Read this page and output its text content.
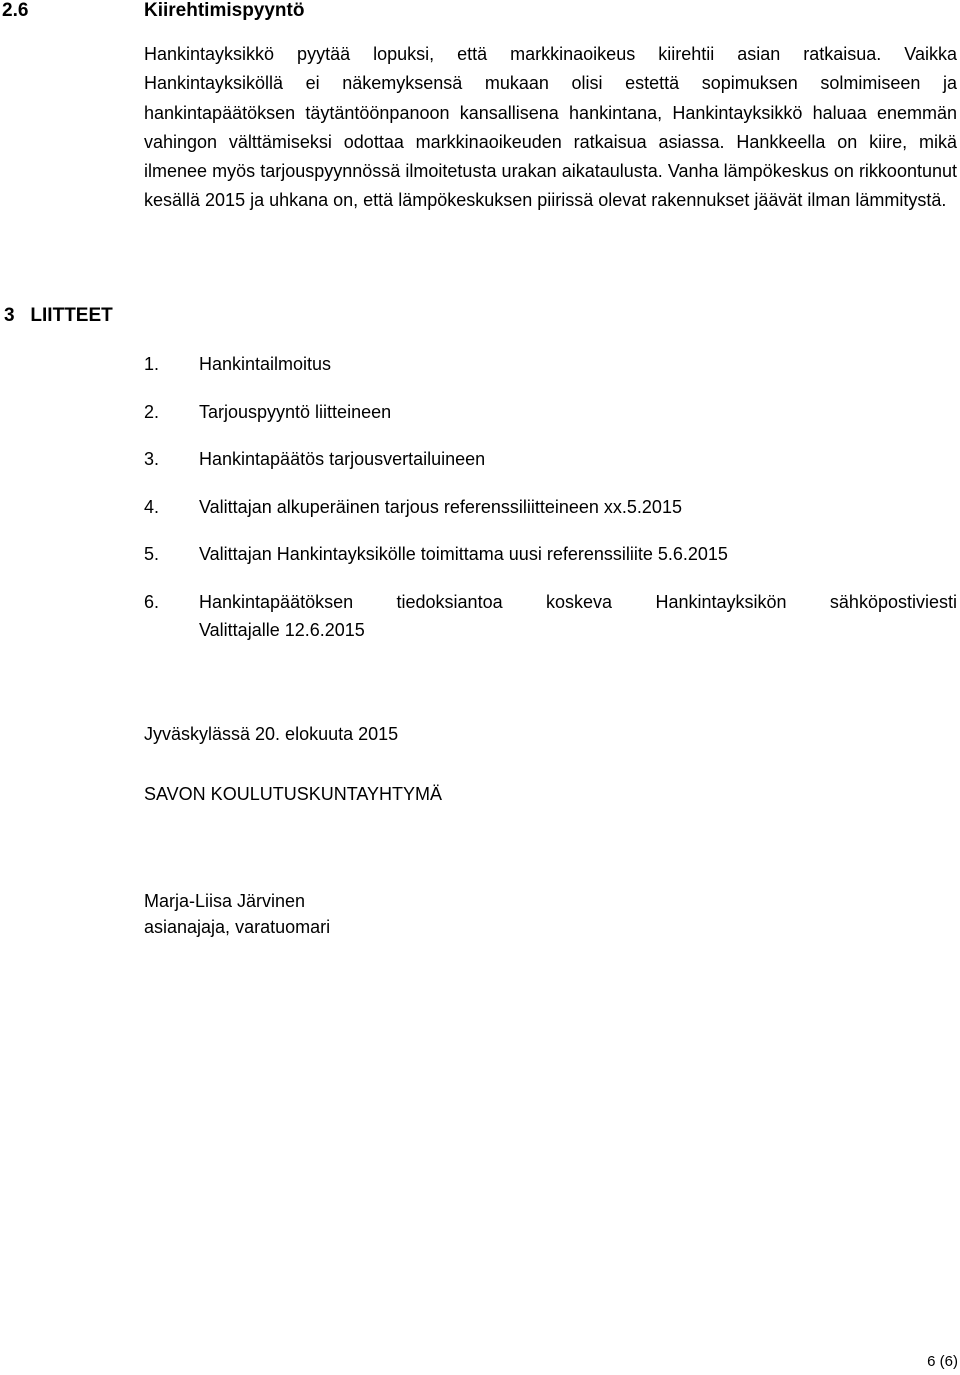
2.6	Kiirehtimispyyntö

Hankintayksikkö pyytää lopuksi, että markkinaoikeus kiirehtii asian ratkaisua. Vaikka Hankintayksiköllä ei näkemyksensä mukaan olisi estettä sopimuksen solmimiseen ja hankintapäätöksen täytäntöönpanoon kansallisena hankintana, Hankintayksikkö haluaa enemmän vahingon välttämiseksi odottaa markkinaoikeuden ratkaisua asiassa. Hankkeella on kiire, mikä ilmenee myös tarjouspyynnössä ilmoitetusta urakan aikataulusta. Vanha lämpökeskus on rikkoontunut kesällä 2015 ja uhkana on, että lämpökeskuksen piirissä olevat rakennukset jäävät ilman lämmitystä.

3 LIITTEET
1. Hankintailmoitus
2. Tarjouspyyntö liitteineen
3. Hankintapäätös tarjousvertailuineen
4. Valittajan alkuperäinen tarjous referenssiliitteineen xx.5.2015
5. Valittajan Hankintayksikölle toimittama uusi referenssiliite 5.6.2015
6. Hankintapäätöksen tiedoksiantoa koskeva Hankintayksikön sähköpostiviesti
Valittajalle 12.6.2015
Jyväskylässä 20. elokuuta 2015
SAVON KOULUTUSKUNTAYHTYMÄ
Marja-Liisa Järvinen
asianajaja, varatuomari
6 (6)
